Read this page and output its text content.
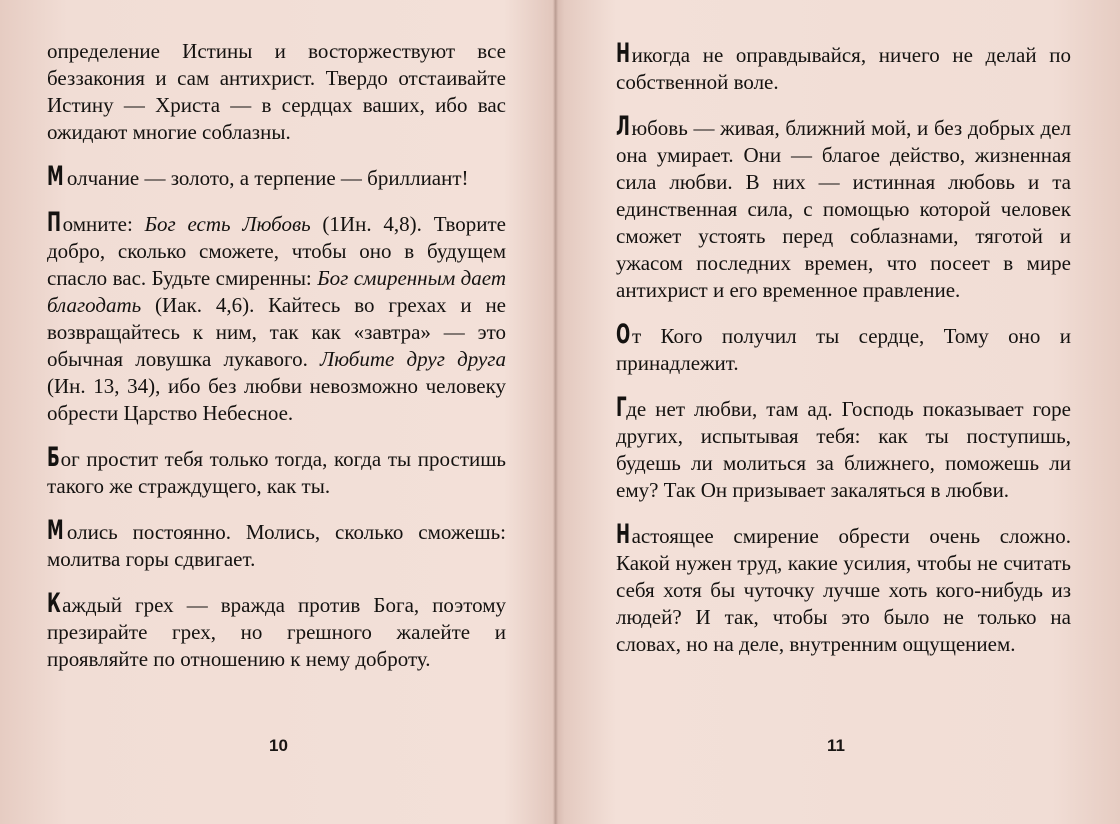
определение Истины и восторжествуют все беззакония и сам антихрист. Твердо отстаивайте Истину — Христа — в сердцах ваших, ибо вас ожидают многие соблазны.

М олчание — золото, а терпение — бриллиант!

Помните: Бог есть Любовь (1Ин. 4,8). Творите добро, сколько сможете, чтобы оно в будущем спасло вас. Будьте смиренны: Бог смиренным дает благодать (Иак. 4,6). Кайтесь во грехах и не возвращайтесь к ним, так как «завтра» — это обычная ловушка лукавого. Любите друг друга (Ин. 13, 34), ибо без любви невозможно человеку обрести Царство Небесное.

Бог простит тебя только тогда, когда ты простишь такого же страждущего, как ты.

М олись постоянно. Молись, сколько сможешь: молитва горы сдвигает.

Каждый грех — вражда против Бога, поэтому презирайте грех, но грешного жалейте и проявляйте по отношению к нему доброту.

10

Никогда не оправдывайся, ничего не делай по собственной воле.

Любовь — живая, ближний мой, и без добрых дел она умирает. Они — благое действо, жизненная сила любви. В них — истинная любовь и та единственная сила, с помощью которой человек сможет устоять перед соблазнами, тяготой и ужасом последних времен, что посеет в мире антихрист и его временное правление.

От Кого получил ты сердце, Тому оно и принадлежит.

Где нет любви, там ад. Господь показывает горе других, испытывая тебя: как ты поступишь, будешь ли молиться за ближнего, поможешь ли ему? Так Он призывает закаляться в любви.

Настоящее смирение обрести очень сложно. Какой нужен труд, какие усилия, чтобы не считать себя хотя бы чуточку лучше хоть кого-нибудь из людей? И так, чтобы это было не только на словах, но на деле, внутренним ощущением.

11
